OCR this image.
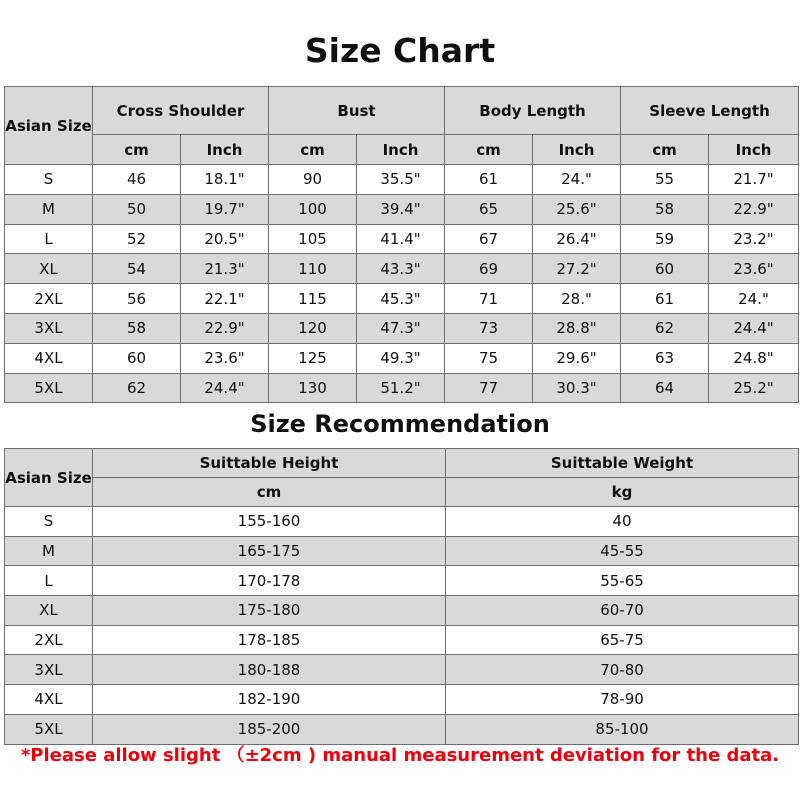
Size Chart
Asian Size	Cross Shoulder		Bust		Body Length		Sleeve Length	
	cm	Inch	cm	Inch	cm	Inch	cm	Inch
S	46	18.1"	90	35.5"	61	24."	55	21.7"
M	50	19.7"	100	39.4"	65	25.6"	58	22.9"
L	52	20.5"	105	41.4"	67	26.4"	59	23.2"
XL	54	21.3"	110	43.3"	69	27.2"	60	23.6"
2XL	56	22.1"	115	45.3"	71	28."	61	24."
3XL	58	22.9"	120	47.3"	73	28.8"	62	24.4"
4XL	60	23.6"	125	49.3"	75	29.6"	63	24.8"
5XL	62	24.4"	130	51.2"	77	30.3"	64	25.2"
Size Recommendation
Asian Size	Suittable Height	Suittable Weight
	cm	kg
S	155-160	40
M	165-175	45-55
L	170-178	55-65
XL	175-180	60-70
2XL	178-185	65-75
3XL	180-188	70-80
4XL	182-190	78-90
5XL	185-200	85-100
*Please allow slight （±2cm ) manual measurement deviation for the data.
